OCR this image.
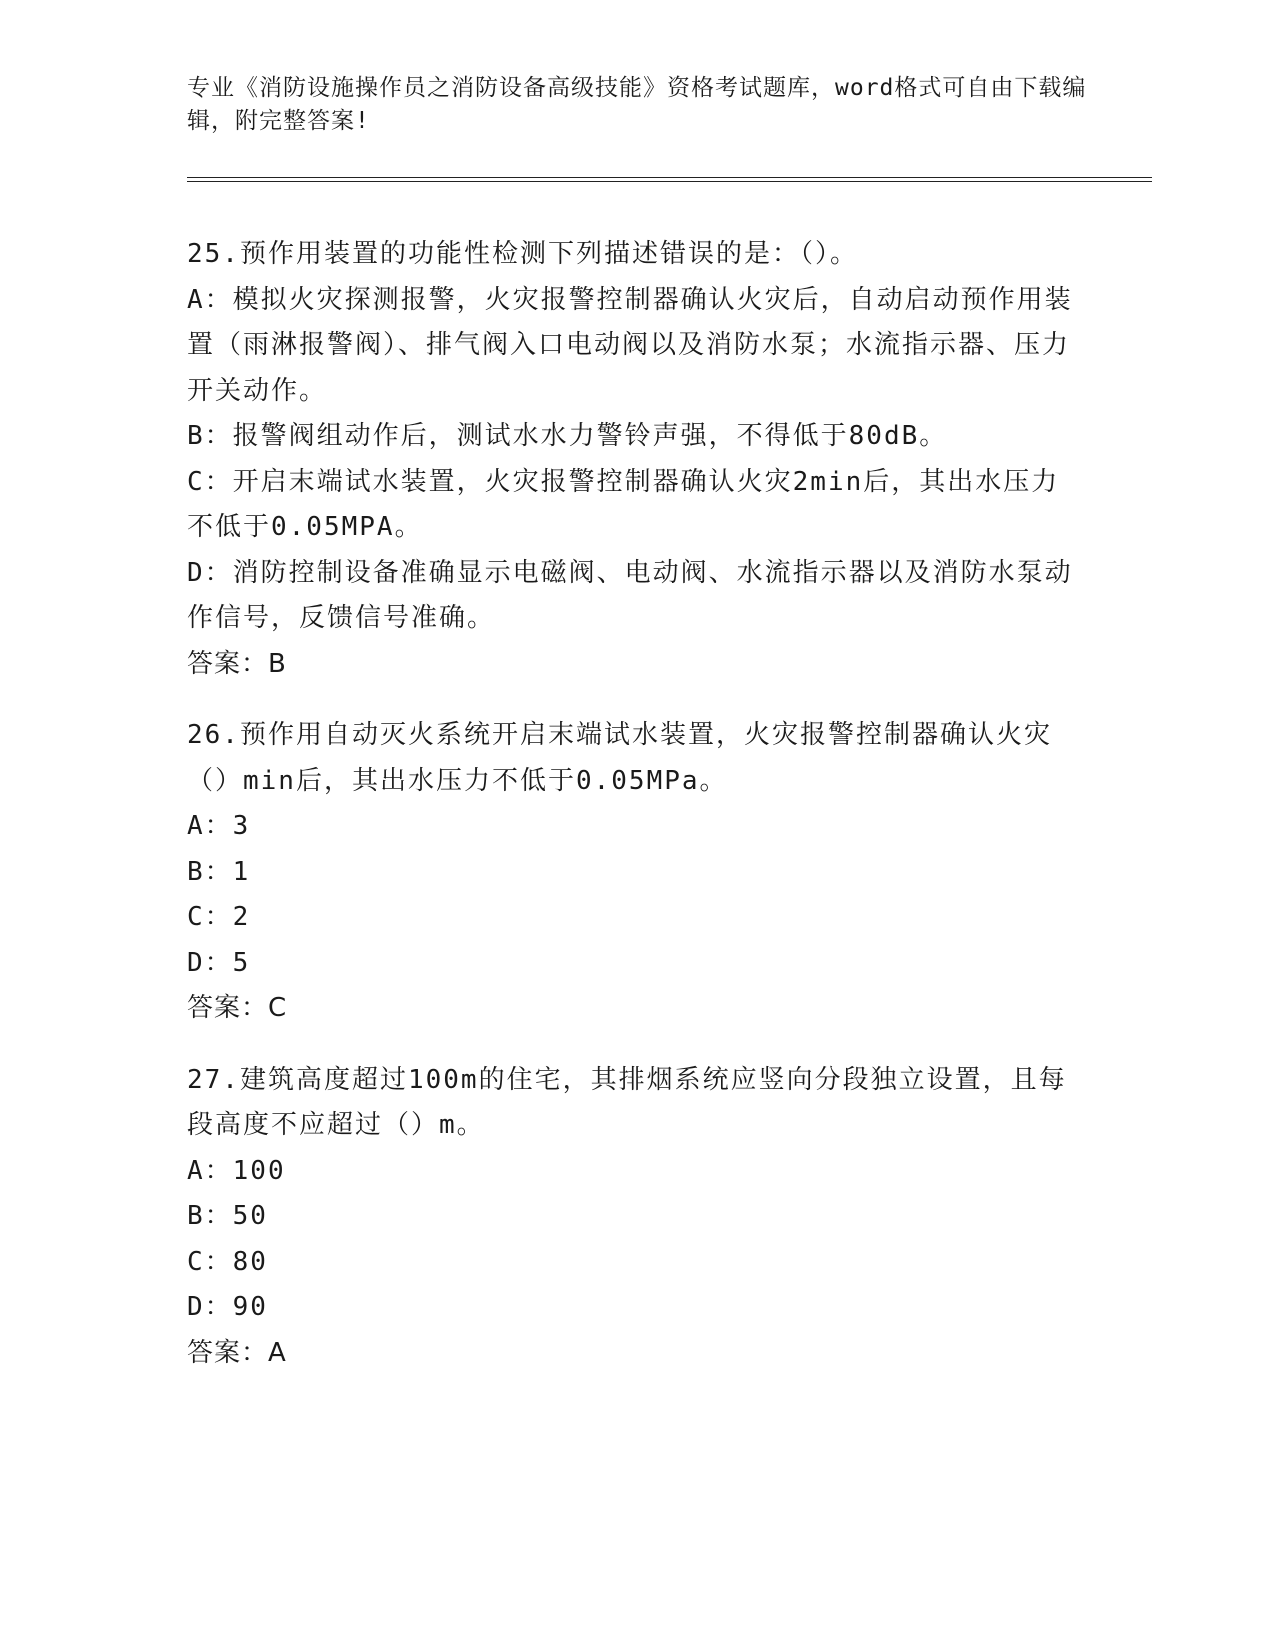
专业《消防设施操作员之消防设备高级技能》资格考试题库，word格式可自由下载编辑，附完整答案!

25.预作用装置的功能性检测下列描述错误的是：（）。

A：模拟火灾探测报警，火灾报警控制器确认火灾后，自动启动预作用装置（雨淋报警阀）、排气阀入口电动阀以及消防水泵；水流指示器、压力开关动作。

B：报警阀组动作后，测试水水力警铃声强，不得低于80dB。

C：开启末端试水装置，火灾报警控制器确认火灾2min后，其出水压力不低于0.05MPA。

D：消防控制设备准确显示电磁阀、电动阀、水流指示器以及消防水泵动作信号，反馈信号准确。

答案：B

26.预作用自动灭火系统开启末端试水装置，火灾报警控制器确认火灾（）min后，其出水压力不低于0.05MPa。

A：3

B：1

C：2

D：5

答案：C

27.建筑高度超过100m的住宅，其排烟系统应竖向分段独立设置，且每段高度不应超过（）m。

A：100

B：50

C：80

D：90

答案：A
